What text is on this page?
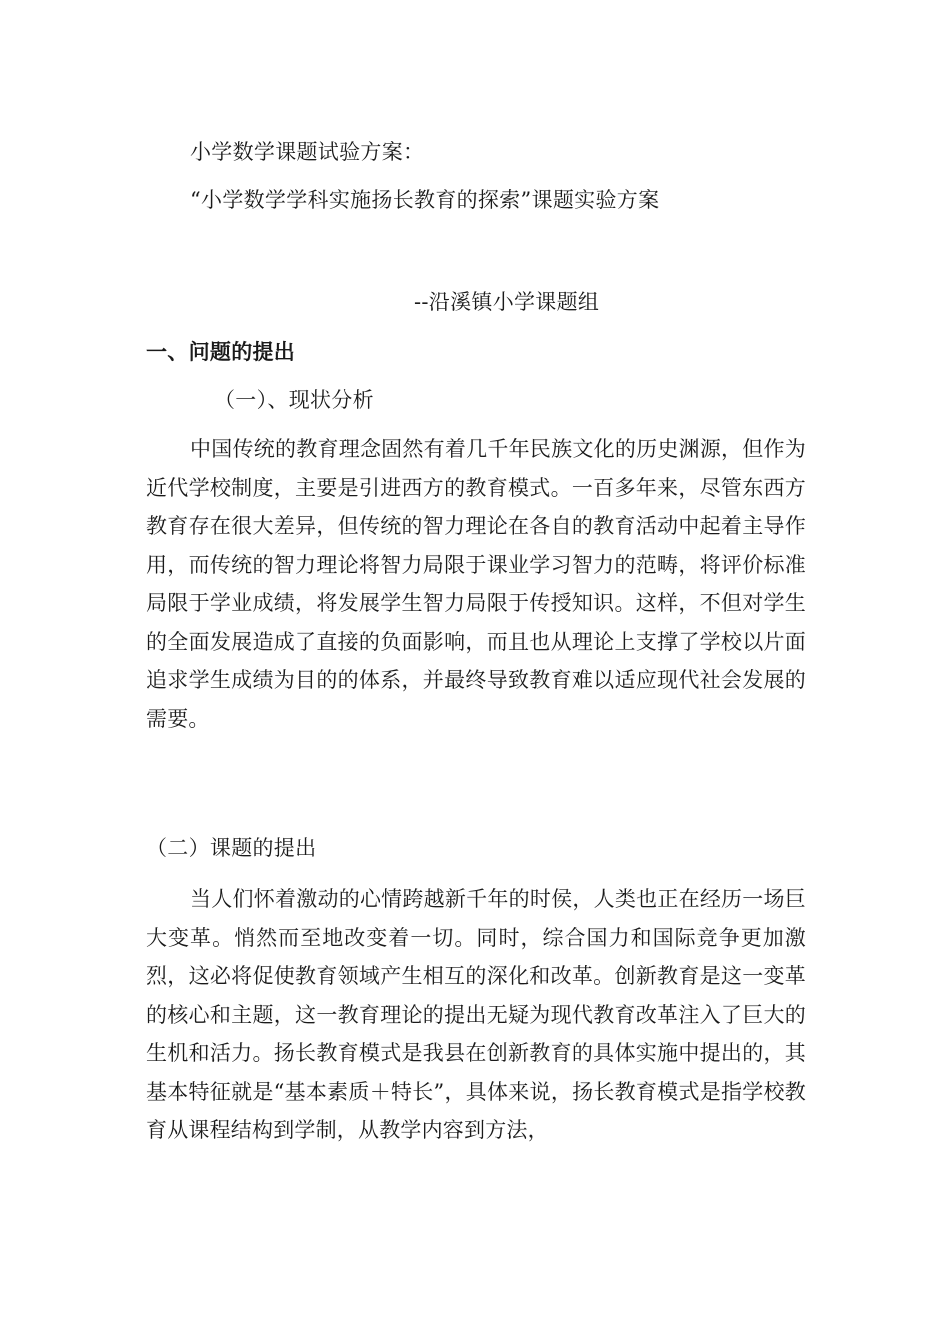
小学数学课题试验方案：
“小学数学学科实施扬长教育的探索”课题实验方案
--沿溪镇小学课题组
一、问题的提出
（一）、现状分析
中国传统的教育理念固然有着几千年民族文化的历史渊源，但作为近代学校制度，主要是引进西方的教育模式。一百多年来，尽管东西方教育存在很大差异，但传统的智力理论在各自的教育活动中起着主导作用，而传统的智力理论将智力局限于课业学习智力的范畴，将评价标准局限于学业成绩，将发展学生智力局限于传授知识。这样，不但对学生的全面发展造成了直接的负面影响，而且也从理论上支撑了学校以片面追求学生成绩为目的的体系，并最终导致教育难以适应现代社会发展的需要。
（二）课题的提出
当人们怀着激动的心情跨越新千年的时侯，人类也正在经历一场巨大变革。悄然而至地改变着一切。同时，综合国力和国际竞争更加激烈，这必将促使教育领域产生相互的深化和改革。创新教育是这一变革的核心和主题，这一教育理论的提出无疑为现代教育改革注入了巨大的生机和活力。扬长教育模式是我县在创新教育的具体实施中提出的，其基本特征就是“基本素质＋特长”，具体来说，扬长教育模式是指学校教育从课程结构到学制，从教学内容到方法，
